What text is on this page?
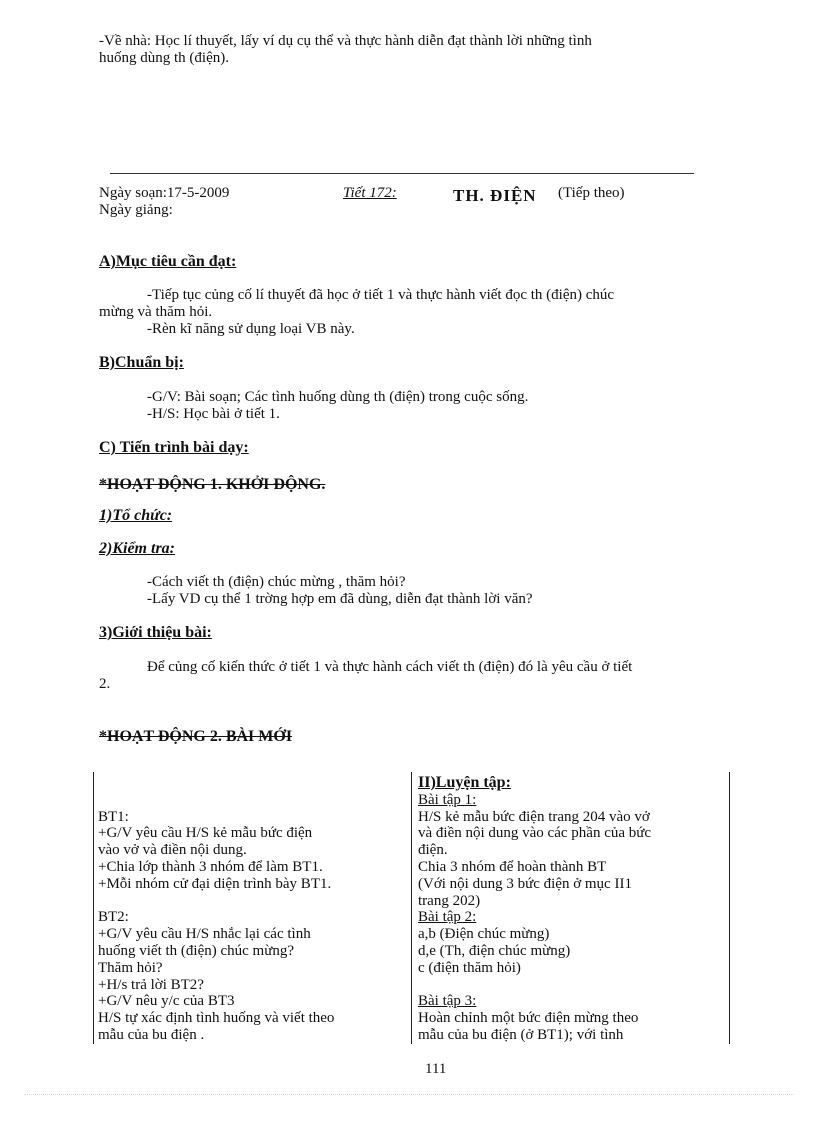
-Về nhà: Học lí thuyết, lấy ví dụ cụ thể và thực hành diễn đạt thành lời những tình
huống dùng th (điện).
Ngày soạn:17-5-2009	Tiết 172:	TH. ĐIỆN (Tiếp theo)
Ngày giảng:
A)Mục tiêu cần đạt:
-Tiếp tục củng cố lí thuyết đã học ở tiết 1 và thực hành viết đọc th (điện) chúc
mừng và thăm hỏi.
-Rèn kĩ năng sử dụng loại VB này.
B)Chuẩn bị:
-G/V: Bài soạn; Các tình huống dùng th (điện) trong cuộc sống.
-H/S: Học bài ở tiết 1.
C) Tiến trình bài dạy:
*HOẠT ĐỘNG 1. KHỞI ĐỘNG.
1)Tổ chức:
2)Kiểm tra:
-Cách viết th (điện) chúc mừng , thăm hỏi?
-Lấy VD cụ thể 1 trờng hợp em đã dùng, diễn đạt thành lời văn?
3)Giới thiệu bài:
Để củng cố kiến thức ở tiết 1 và thực hành cách viết th (điện) đó là yêu cầu ở tiết
2.
*HOẠT ĐỘNG 2. BÀI MỚI

BT1:
+G/V yêu cầu H/S kẻ mẫu bức điện
vào vở và điền nội dung.
+Chia lớp thành 3 nhóm để làm BT1.
+Mỗi nhóm cử đại diện trình bày BT1.

BT2:
+G/V yêu cầu H/S nhắc lại các tình
huống viết th (điện) chúc mừng?
Thăm hỏi?
+H/s trả lời BT2?
+G/V nêu y/c của BT3
H/S tự xác định tình huống và viết theo
mẫu của bu điện .
II)Luyện tập:
Bài tập 1:
H/S kẻ mẫu bức điện trang 204 vào vở
và điền nội dung vào các phần của bức
điện.
Chia 3 nhóm để hoàn thành BT
(Với nội dung 3 bức điện ở mục II1
trang 202)
Bài tập 2:
a,b (Điện chúc mừng)
d,e (Th, điện chúc mừng)
c (điện thăm hỏi)

Bài tập 3:
Hoàn chỉnh một bức điện mừng theo
mẫu của bu điện (ở BT1); với tình
111
